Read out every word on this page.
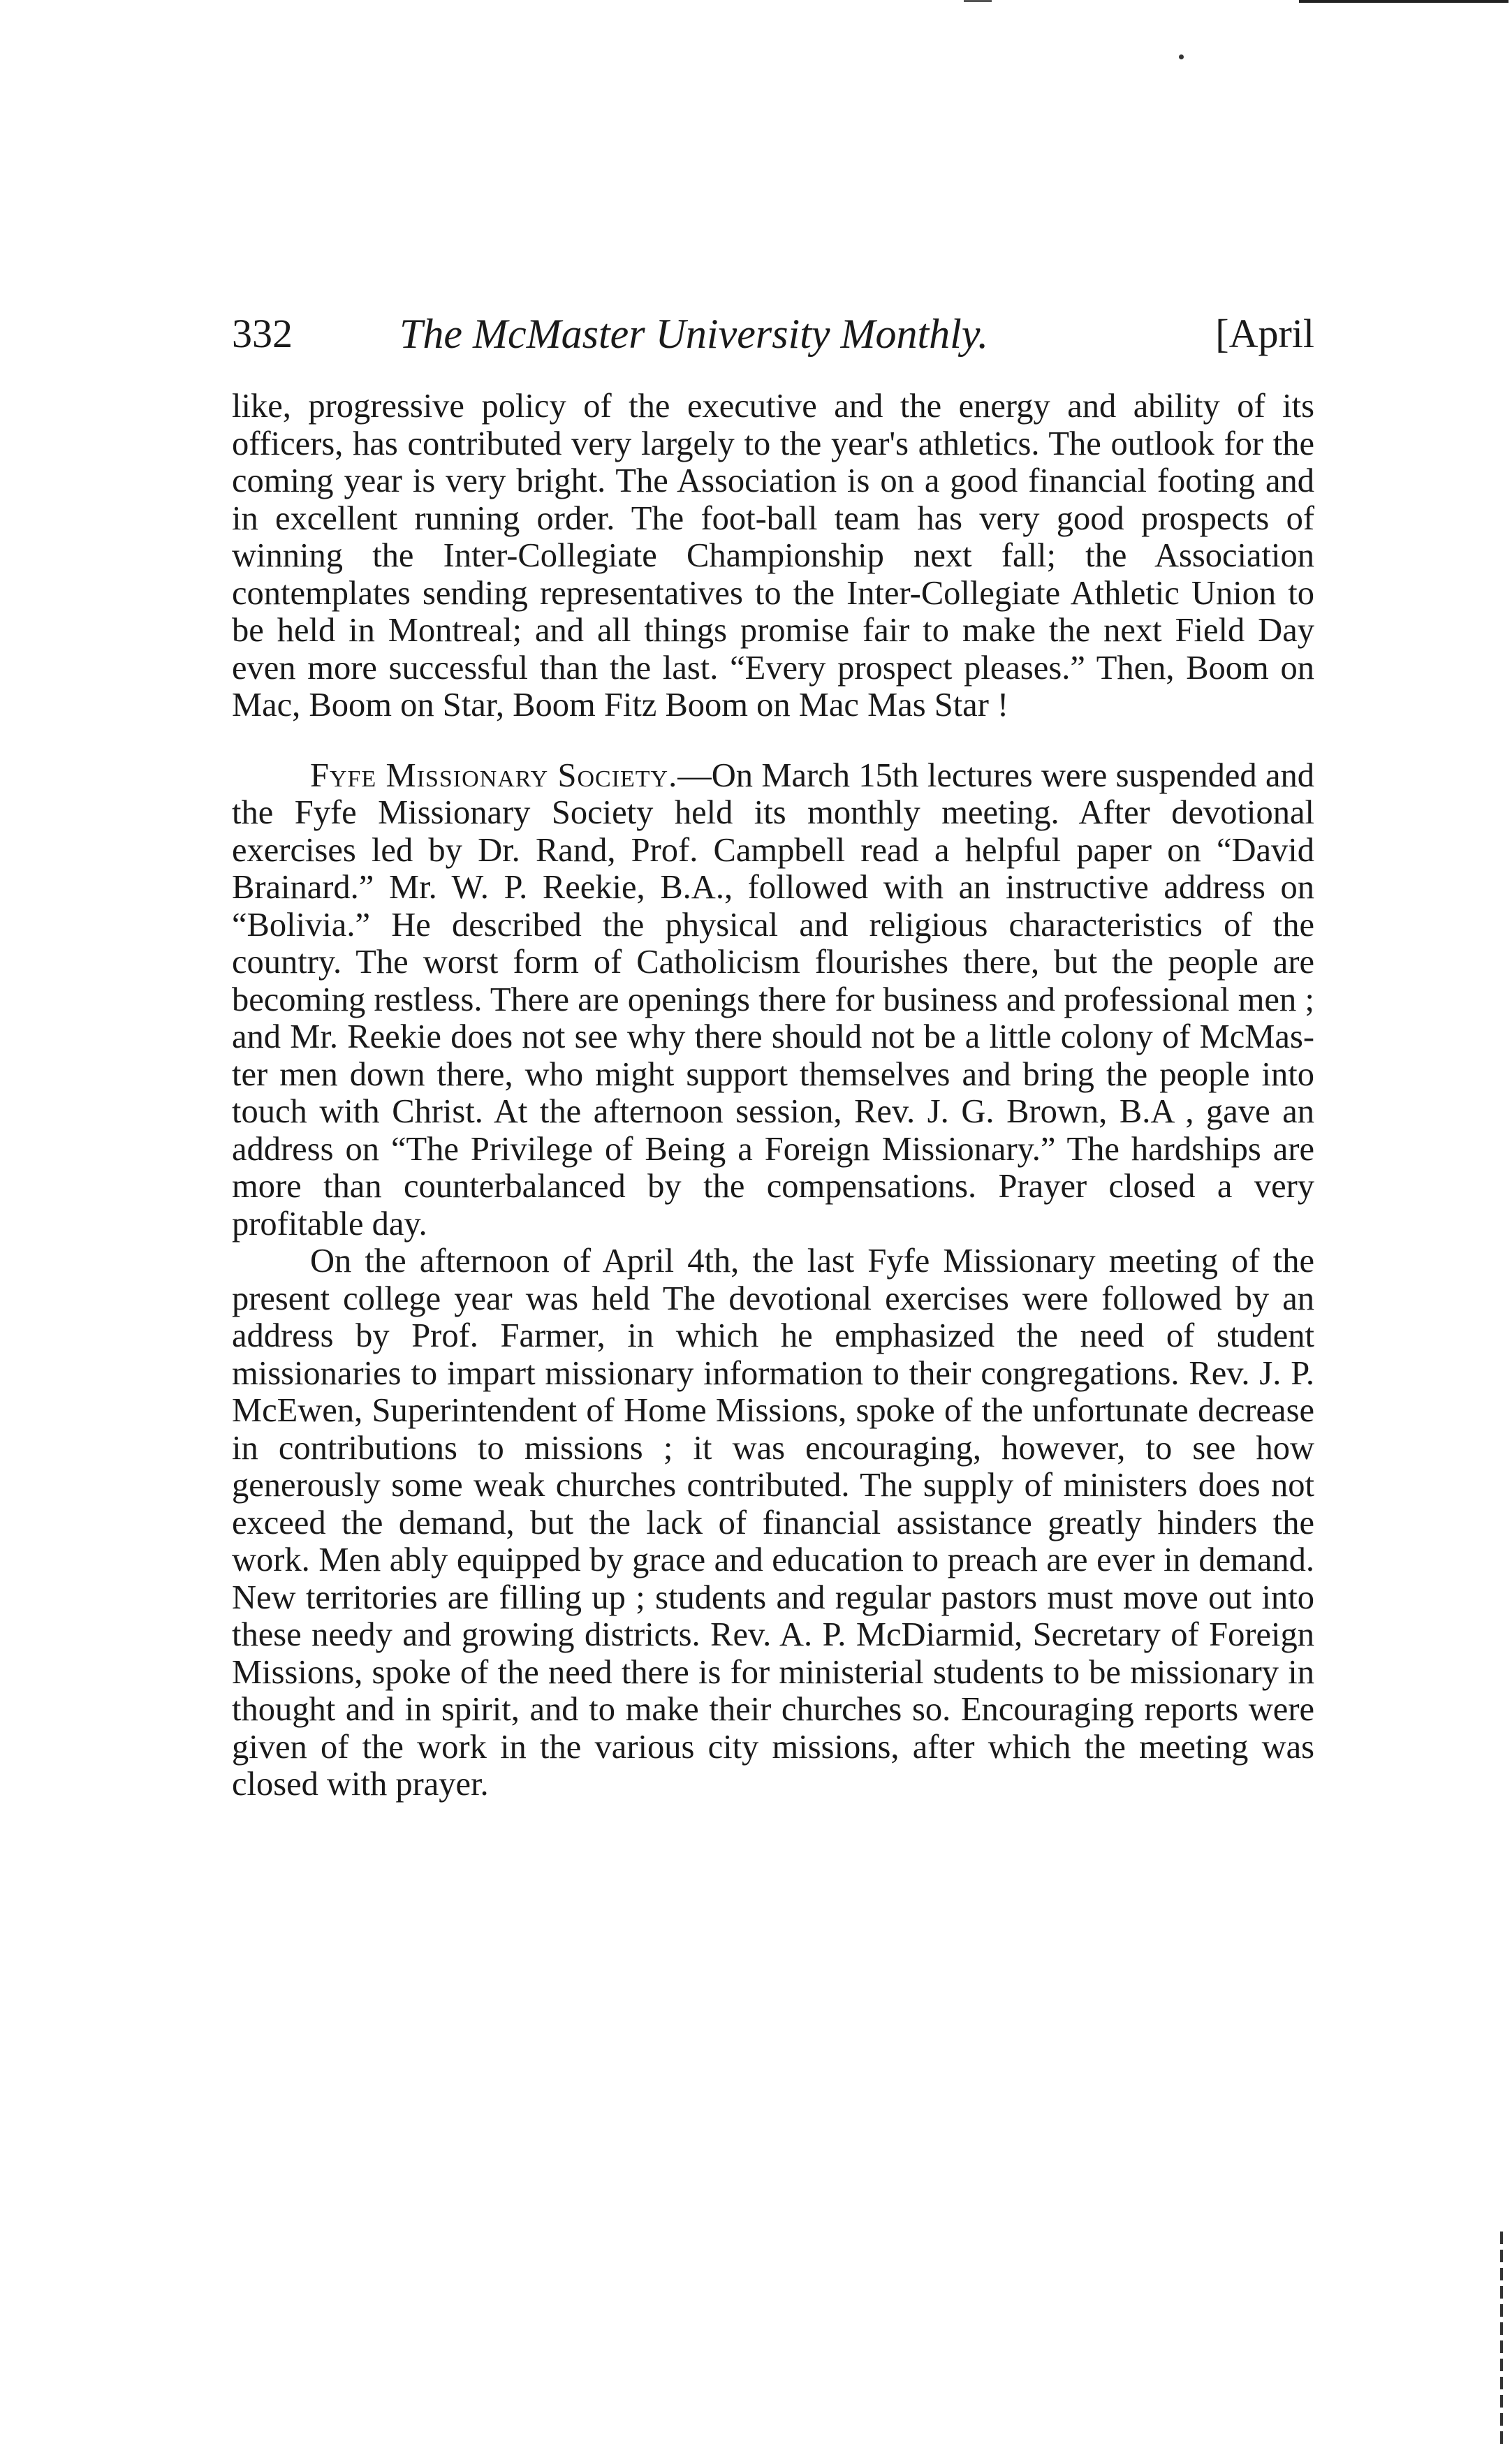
332	The McMaster University Monthly.	[April

like, progressive policy of the executive and the energy and ability of its officers, has contributed very largely to the year's athletics. The outlook for the coming year is very bright. The Association is on a good financial footing and in excellent running order. The foot-ball team has very good prospects of winning the Inter-Collegiate Championship next fall; the Association contemplates sending representatives to the Inter-Collegiate Athletic Union to be held in Montreal; and all things promise fair to make the next Field Day even more successful than the last. “Every prospect pleases.” Then, Boom on Mac, Boom on Star, Boom Fitz Boom on Mac Mas Star !

Fyfe Missionary Society.—On March 15th lectures were suspended and the Fyfe Missionary Society held its monthly meeting. After devotional exercises led by Dr. Rand, Prof. Campbell read a helpful paper on “David Brainard.” Mr. W. P. Reekie, B.A., followed with an instructive address on “Bolivia.” He described the physical and religious characteristics of the country. The worst form of Catholicism flourishes there, but the people are becoming restless. There are openings there for business and professional men ; and Mr. Reekie does not see why there should not be a little colony of McMaster men down there, who might support themselves and bring the people into touch with Christ. At the afternoon session, Rev. J. G. Brown, B.A , gave an address on “The Privilege of Being a Foreign Missionary.” The hardships are more than counterbalanced by the compensations. Prayer closed a very profitable day.

On the afternoon of April 4th, the last Fyfe Missionary meeting of the present college year was held The devotional exercises were followed by an address by Prof. Farmer, in which he emphasized the need of student missionaries to impart missionary information to their congregations. Rev. J. P. McEwen, Superintendent of Home Missions, spoke of the unfortunate decrease in contributions to missions ; it was encouraging, however, to see how generously some weak churches contributed. The supply of ministers does not exceed the demand, but the lack of financial assistance greatly hinders the work. Men ably equipped by grace and education to preach are ever in demand. New territories are filling up ; students and regular pastors must move out into these needy and growing districts. Rev. A. P. McDiarmid, Secretary of Foreign Missions, spoke of the need there is for ministerial students to be missionary in thought and in spirit, and to make their churches so. Encouraging reports were given of the work in the various city missions, after which the meeting was closed with prayer.
